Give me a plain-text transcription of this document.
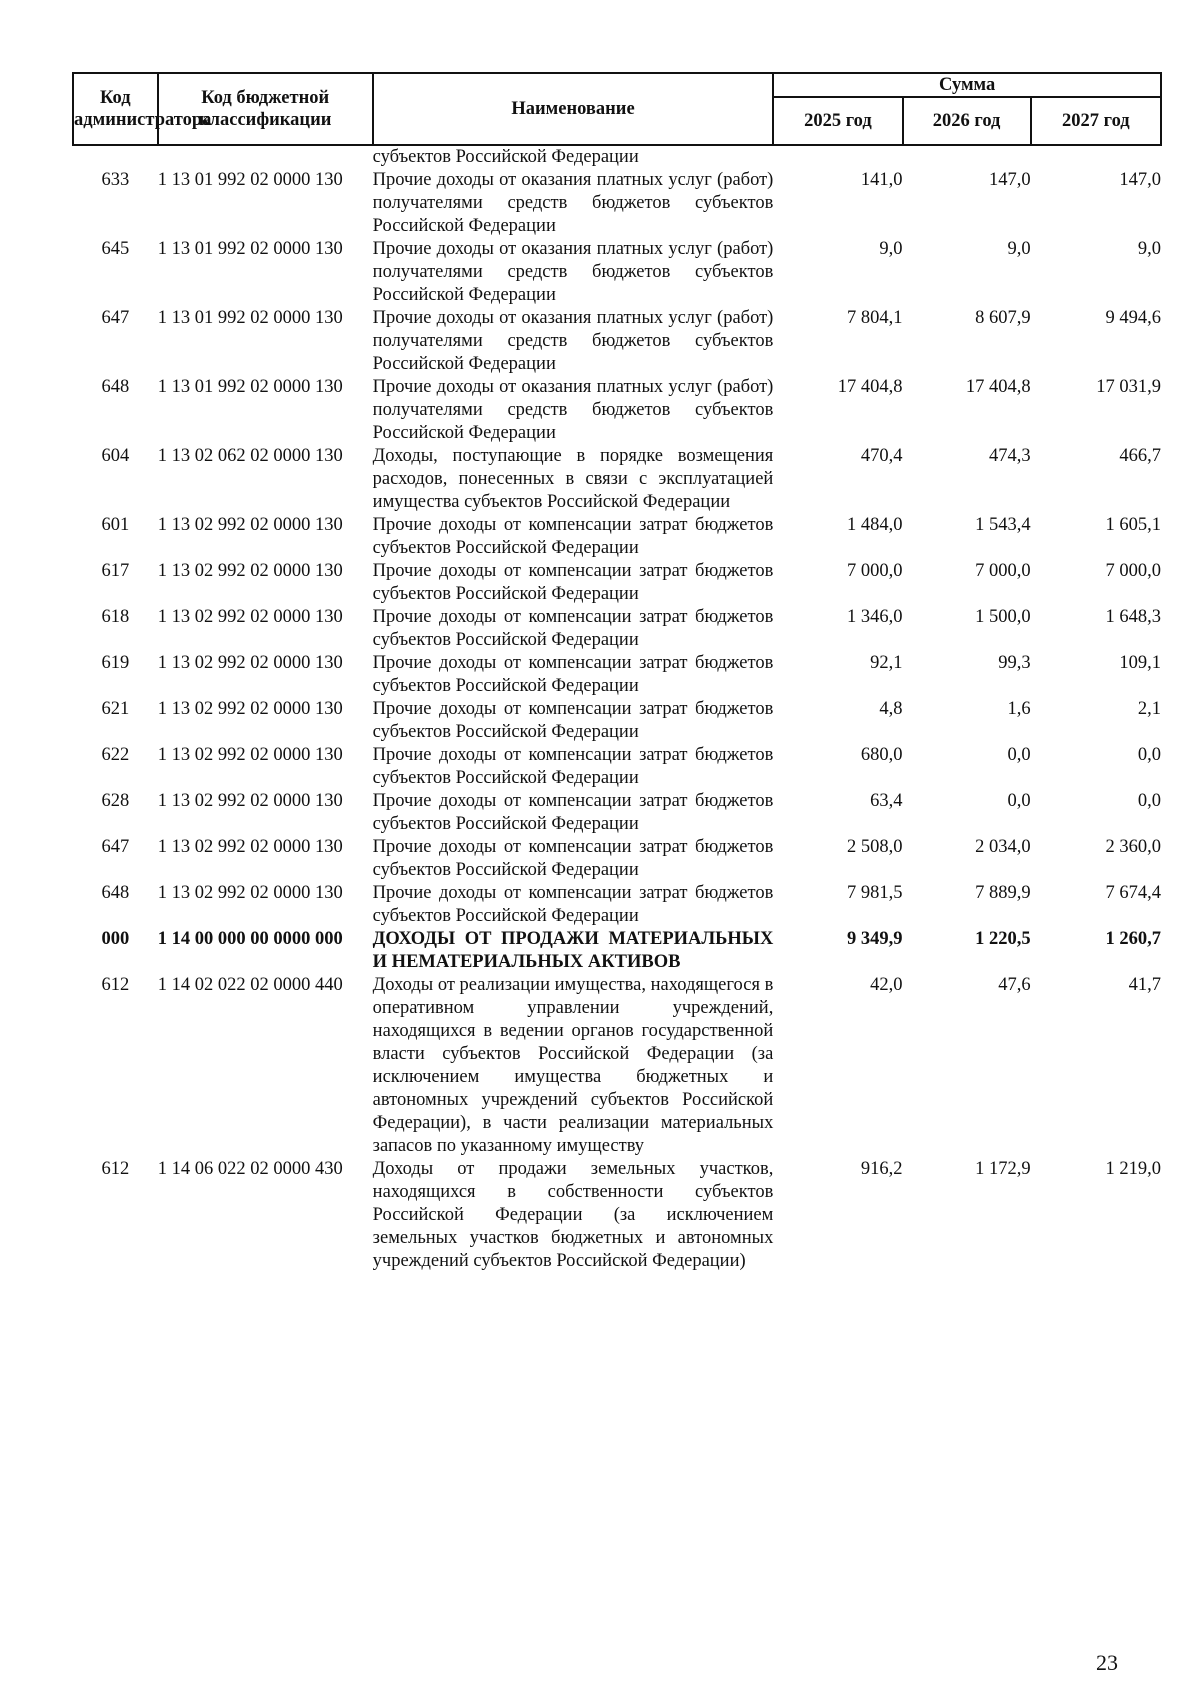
Код администратора	Код бюджетной классификации	Наименование	Сумма		
			2025 год	2026 год	2027 год
		субъектов Российской Федерации			
633	1 13 01 992 02 0000 130	Прочие доходы от оказания платных услуг (работ) получателями средств бюджетов субъектов Российской Федерации	141,0	147,0	147,0
645	1 13 01 992 02 0000 130	Прочие доходы от оказания платных услуг (работ) получателями средств бюджетов субъектов Российской Федерации	9,0	9,0	9,0
647	1 13 01 992 02 0000 130	Прочие доходы от оказания платных услуг (работ) получателями средств бюджетов субъектов Российской Федерации	7 804,1	8 607,9	9 494,6
648	1 13 01 992 02 0000 130	Прочие доходы от оказания платных услуг (работ) получателями средств бюджетов субъектов Российской Федерации	17 404,8	17 404,8	17 031,9
604	1 13 02 062 02 0000 130	Доходы, поступающие в порядке возмещения расходов, понесенных в связи с эксплуатацией имущества субъектов Российской Федерации	470,4	474,3	466,7
601	1 13 02 992 02 0000 130	Прочие доходы от компенсации затрат бюджетов субъектов Российской Федерации	1 484,0	1 543,4	1 605,1
617	1 13 02 992 02 0000 130	Прочие доходы от компенсации затрат бюджетов субъектов Российской Федерации	7 000,0	7 000,0	7 000,0
618	1 13 02 992 02 0000 130	Прочие доходы от компенсации затрат бюджетов субъектов Российской Федерации	1 346,0	1 500,0	1 648,3
619	1 13 02 992 02 0000 130	Прочие доходы от компенсации затрат бюджетов субъектов Российской Федерации	92,1	99,3	109,1
621	1 13 02 992 02 0000 130	Прочие доходы от компенсации затрат бюджетов субъектов Российской Федерации	4,8	1,6	2,1
622	1 13 02 992 02 0000 130	Прочие доходы от компенсации затрат бюджетов субъектов Российской Федерации	680,0	0,0	0,0
628	1 13 02 992 02 0000 130	Прочие доходы от компенсации затрат бюджетов субъектов Российской Федерации	63,4	0,0	0,0
647	1 13 02 992 02 0000 130	Прочие доходы от компенсации затрат бюджетов субъектов Российской Федерации	2 508,0	2 034,0	2 360,0
648	1 13 02 992 02 0000 130	Прочие доходы от компенсации затрат бюджетов субъектов Российской Федерации	7 981,5	7 889,9	7 674,4
000	1 14 00 000 00 0000 000	ДОХОДЫ ОТ ПРОДАЖИ МАТЕРИАЛЬНЫХ И НЕМАТЕРИАЛЬНЫХ АКТИВОВ	9 349,9	1 220,5	1 260,7
612	1 14 02 022 02 0000 440	Доходы от реализации имущества, находящегося в оперативном управлении учреждений, находящихся в ведении органов государственной власти субъектов Российской Федерации (за исключением имущества бюджетных и автономных учреждений субъектов Российской Федерации), в части реализации материальных запасов по указанному имуществу	42,0	47,6	41,7
612	1 14 06 022 02 0000 430	Доходы от продажи земельных участков, находящихся в собственности субъектов Российской Федерации (за исключением земельных участков бюджетных и автономных учреждений субъектов Российской Федерации)	916,2	1 172,9	1 219,0
23
